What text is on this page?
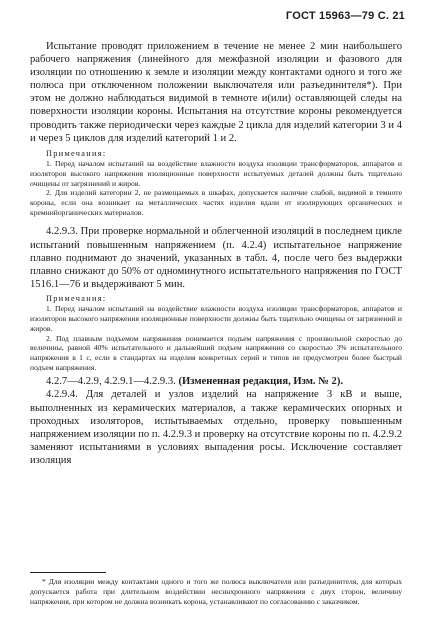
ГОСТ 15963—79 С. 21

Испытание проводят приложением в течение не менее 2 мин наибольшего рабочего напряжения (линейного для межфазной изоляции и фазового для изоляции по отношению к земле и изоляции между контактами одного и того же полюса при отключенном положении выключателя или разъединителя*). При этом не должно наблюдаться видимой в темноте и(или) оставляющей следы на поверхности изоляции короны. Испытания на отсутствие короны рекомендуется проводить также периодически через каждые 2 цикла для изделий категории 3 и 4 и через 5 циклов для изделий категорий 1 и 2.

Примечания:

1. Перед началом испытаний на воздействие влажности воздуха изоляции трансформаторов, аппаратов и изоляторов высокого напряжения изоляционные поверхности испытуемых деталей должны быть тщательно очищены от загрязнений и жиров.

2. Для изделий категории 2, не размещаемых в шкафах, допускается наличие слабой, видимой в темноте короны, если она возникает на металлических частях изделия вдали от изолирующих органических и кремнийорганических материалов.

4.2.9.3. При проверке нормальной и облегченной изоляций в последнем цикле испытаний повышенным напряжением (п. 4.2.4) испытательное напряжение плавно поднимают до значений, указанных в табл. 4, после чего без выдержки плавно снижают до 50% от одноминутного испытательного напряжения по ГОСТ 1516.1—76 и выдерживают 5 мин.

Примечания:

1. Перед началом испытаний на воздействие влажности воздуха изоляции трансформаторов, аппаратов и изоляторов высокого напряжения изоляционные поверхности должны быть тщательно очищены от загрязнений и жиров.

2. Под плавным подъемом напряжения понимается подъем напряжения с произвольной скоростью до величины, равной 40% испытательного и дальнейший подъем напряжения со скоростью 3% испытательного напряжения в 1 с, если в стандартах на изделия конкретных серий и типов не предусмотрен более быстрый подъем напряжения.

4.2.7—4.2.9, 4.2.9.1—4.2.9.3. (Измененная редакция, Изм. № 2).

4.2.9.4. Для деталей и узлов изделий на напряжение 3 кВ и выше, выполненных из керамических материалов, а также керамических опорных и проходных изоляторов, испытываемых отдельно, проверку повышенным напряжением изоляции по п. 4.2.9.3 и проверку на отсутствие короны по п. 4.2.9.2 заменяют испытаниями в условиях выпадения росы. Исключение составляет изоляция

* Для изоляции между контактами одного и того же полюса выключателя или разъединителя, для которых допускается работа при длительном воздействии несинхронного напряжения с двух сторон, величину напряжения, при котором не должна возникать корона, устанавливают по согласованию с заказчиком.
